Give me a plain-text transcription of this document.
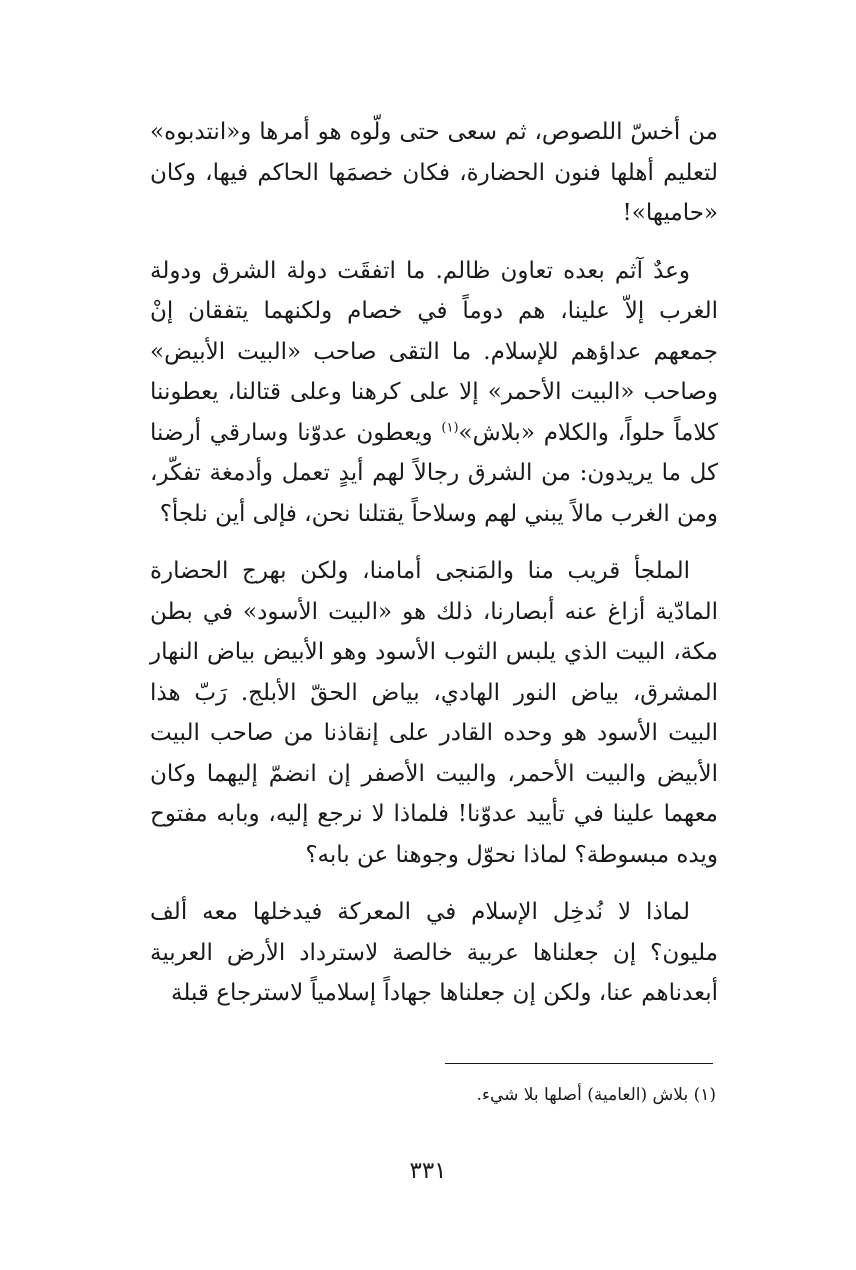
من أخسّ اللصوص، ثم سعى حتى ولّوه هو أمرها و«انتدبوه» لتعليم أهلها فنون الحضارة، فكان خصمَها الحاكم فيها، وكان «حاميها»!

وعدٌ آثم بعده تعاون ظالم. ما اتفقَت دولة الشرق ودولة الغرب إلاّ علينا، هم دوماً في خصام ولكنهما يتفقان إنْ جمعهم عداؤهم للإسلام. ما التقى صاحب «البيت الأبيض» وصاحب «البيت الأحمر» إلا على كرهنا وعلى قتالنا، يعطوننا كلاماً حلواً، والكلام «بلاش»$^{(١)}$ ويعطون عدوّنا وسارقي أرضنا كل ما يريدون: من الشرق رجالاً لهم أيدٍ تعمل وأدمغة تفكّر، ومن الغرب مالاً يبني لهم وسلاحاً يقتلنا نحن، فإلى أين نلجأ؟

الملجأ قريب منا والمَنجى أمامنا، ولكن بهرج الحضارة المادّية أزاغ عنه أبصارنا، ذلك هو «البيت الأسود» في بطن مكة، البيت الذي يلبس الثوب الأسود وهو الأبيض بياض النهار المشرق، بياض النور الهادي، بياض الحقّ الأبلج. رَبّ هذا البيت الأسود هو وحده القادر على إنقاذنا من صاحب البيت الأبيض والبيت الأحمر، والبيت الأصفر إن انضمّ إليهما وكان معهما علينا في تأييد عدوّنا! فلماذا لا نرجع إليه، وبابه مفتوح ويده مبسوطة؟ لماذا نحوّل وجوهنا عن بابه؟

لماذا لا نُدخِل الإسلام في المعركة فيدخلها معه ألف مليون؟ إن جعلناها عربية خالصة لاسترداد الأرض العربية أبعدناهم عنا، ولكن إن جعلناها جهاداً إسلامياً لاسترجاع قبلة

(١) بلاش (العامية) أصلها بلا شيء.
٣٣١
